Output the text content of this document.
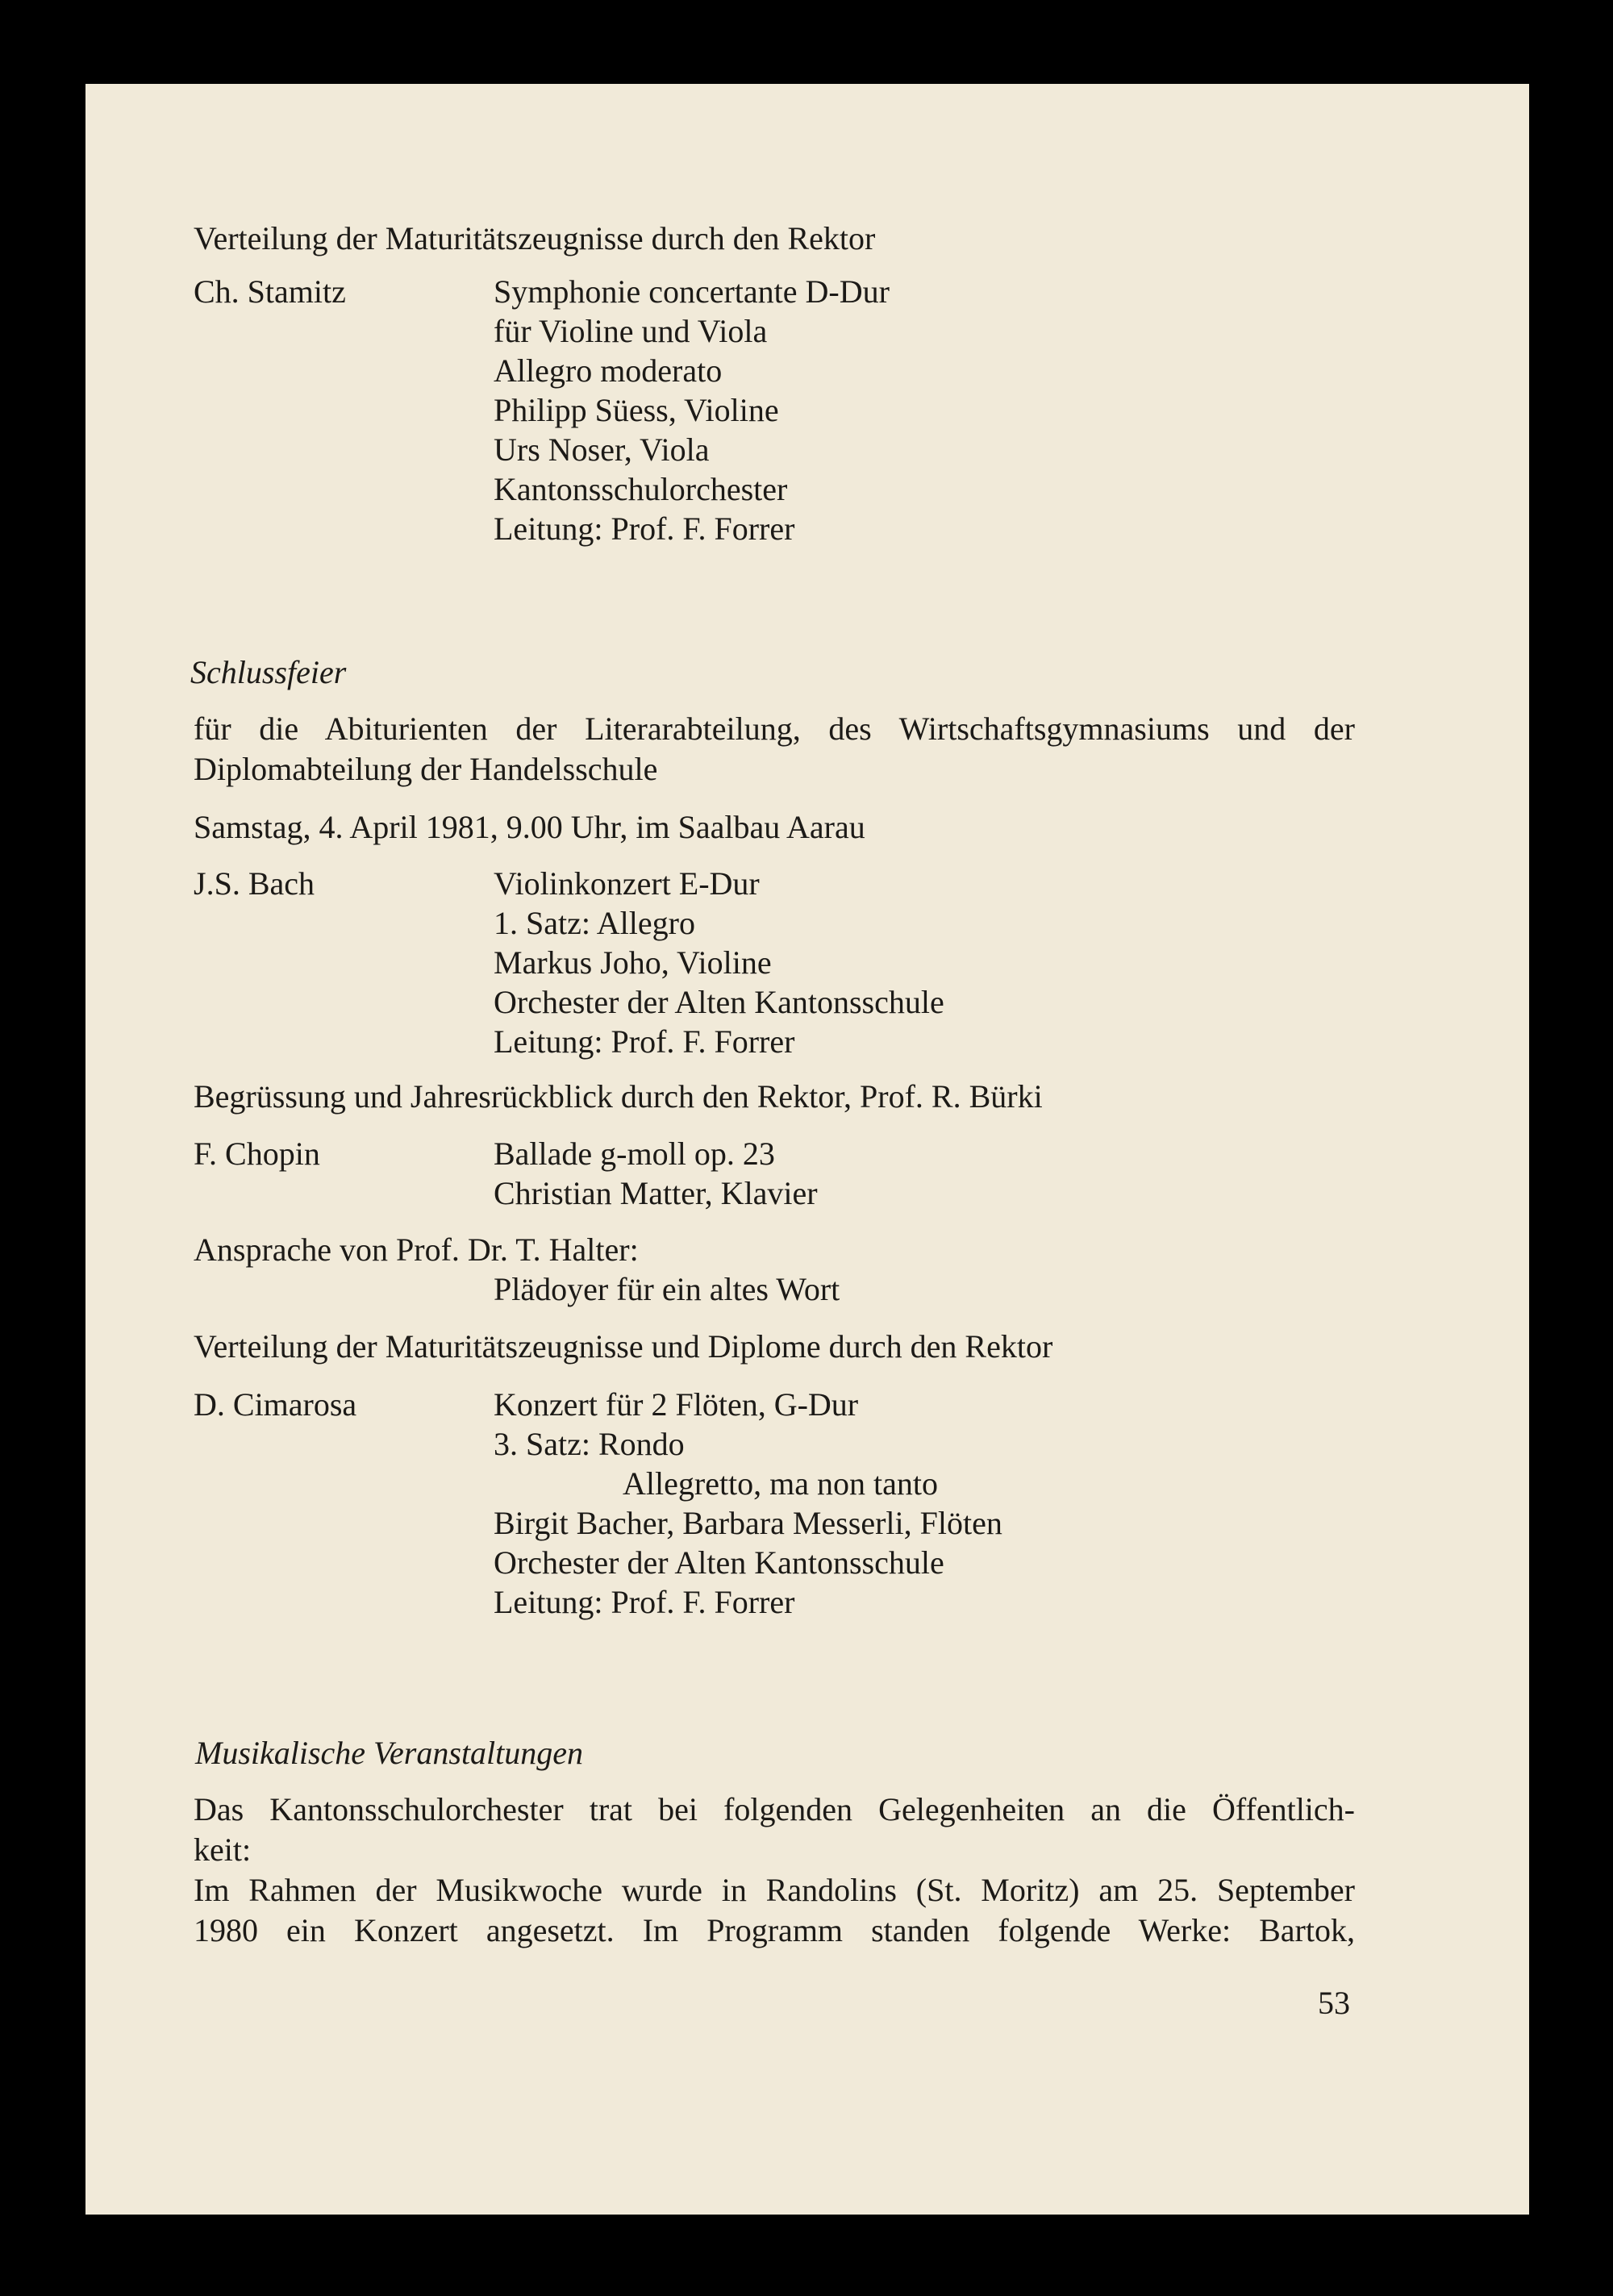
Verteilung der Maturitätszeugnisse durch den Rektor
Ch. Stamitz	Symphonie concertante D-Dur
für Violine und Viola
Allegro moderato
Philipp Süess, Violine
Urs Noser, Viola
Kantonsschulorchester
Leitung: Prof. F. Forrer
Schlussfeier
für die Abiturienten der Literarabteilung, des Wirtschaftsgymnasiums und der
Diplomabteilung der Handelsschule
Samstag, 4. April 1981, 9.00 Uhr, im Saalbau Aarau
J.S. Bach	Violinkonzert E-Dur
1. Satz: Allegro
Markus Joho, Violine
Orchester der Alten Kantonsschule
Leitung: Prof. F. Forrer
Begrüssung und Jahresrückblick durch den Rektor, Prof. R. Bürki
F. Chopin	Ballade g-moll op. 23
Christian Matter, Klavier
Ansprache von Prof. Dr. T. Halter:
Plädoyer für ein altes Wort
Verteilung der Maturitätszeugnisse und Diplome durch den Rektor
D. Cimarosa	Konzert für 2 Flöten, G-Dur
3. Satz: Rondo
Allegretto, ma non tanto
Birgit Bacher, Barbara Messerli, Flöten
Orchester der Alten Kantonsschule
Leitung: Prof. F. Forrer
Musikalische Veranstaltungen
Das Kantonsschulorchester trat bei folgenden Gelegenheiten an die Öffentlich-
keit:
Im Rahmen der Musikwoche wurde in Randolins (St. Moritz) am 25. September
1980 ein Konzert angesetzt. Im Programm standen folgende Werke: Bartok,
53
